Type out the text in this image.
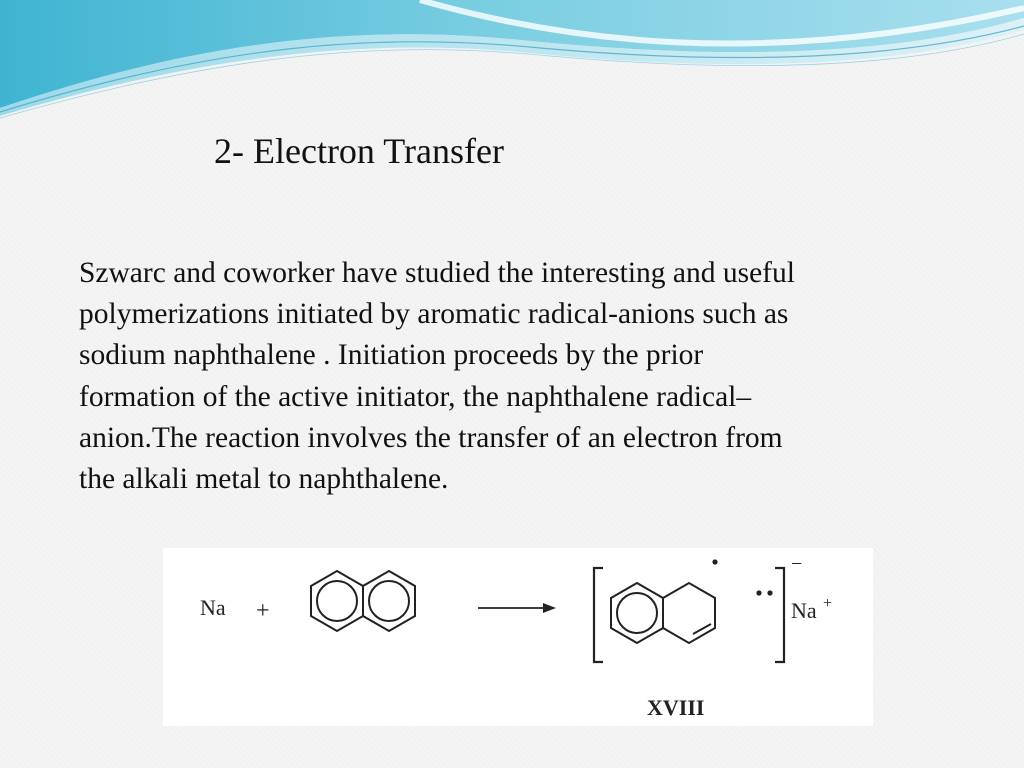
2- Electron Transfer
Szwarc and coworker have studied the interesting and useful
polymerizations initiated by aromatic radical-anions such as
sodium naphthalene . Initiation proceeds by the prior
formation of the active initiator, the naphthalene radical–
anion.The reaction involves the transfer of an electron from
the alkali metal to naphthalene.
Na +
−
Na +
XVIII
